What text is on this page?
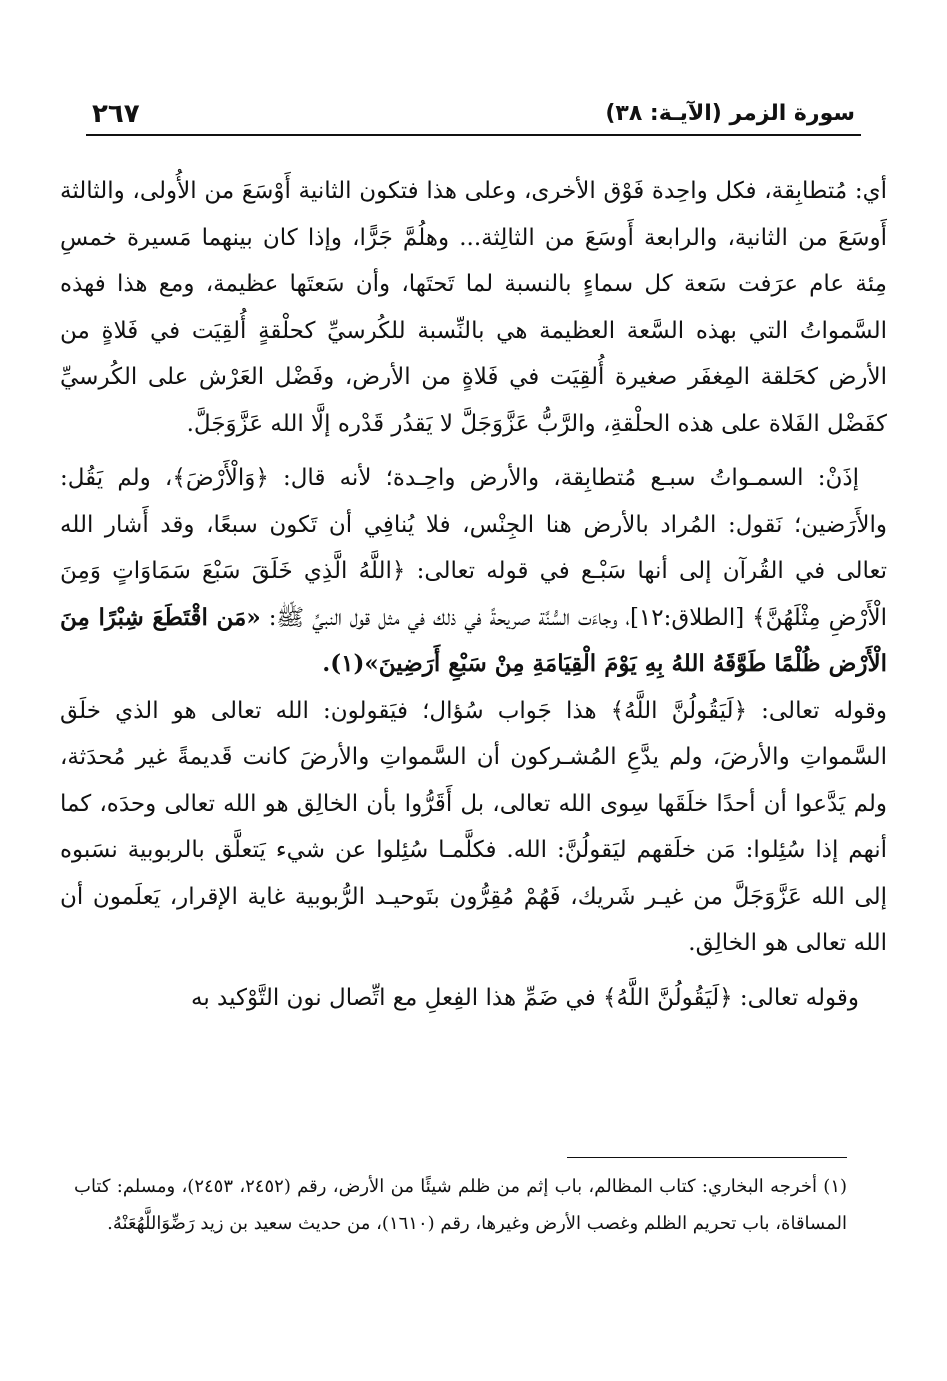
سورة الزمر (الآيـة: ٣٨)
٢٦٧

أي: مُتطابِقة، فكل واحِدة فَوْق الأخرى، وعلى هذا فتكون الثانية أَوْسَعَ من الأُولى، والثالثة أَوسَعَ من الثانية، والرابعة أَوسَعَ من الثالِثة... وهلُمَّ جَرًّا، وإذا كان بينهما مَسيرة خمسِ مِئة عام عرَفت سَعة كل سماءٍ بالنسبة لما تَحتَها، وأن سَعتَها عظيمة، ومع هذا فهذه السَّمواتُ التي بهذه السَّعة العظيمة هي بالنِّسبة للكُرسيِّ كحلْقةٍ أُلقِيَت في فَلاةٍ من الأرض كحَلقة المِغفَر صغيرة أُلقِيَت في فَلاةٍ من الأرض، وفَضْل العَرْش على الكُرسيِّ كفَضْل الفَلاة على هذه الحلْقةِ، والرَّبُّ عَزَّوَجَلَّ لا يَقدُر قَدْره إلَّا الله عَزَّوَجَلَّ.

إذَنْ: السمـواتُ سبـع مُتطابِقة، والأرض واحِـدة؛ لأنه قال: ﴿وَالْأَرْضَ﴾، ولم يَقُل: والأَرَضين؛ نَقول: المُراد بالأرض هنا الجِنْس، فلا يُنافِي أن تَكون سبعًا، وقد أَشار الله تعالى في القُرآن إلى أنها سَبْـع في قوله تعالى: ﴿اللَّهُ الَّذِي خَلَقَ سَبْعَ سَمَاوَاتٍ وَمِنَ الْأَرْضِ مِثْلَهُنَّ﴾ [الطلاق:١٢]، وجاءَت السُّنَّة صريحةً في ذلك في مثل قول النبيِّ ﷺ: «مَن اقْتَطَعَ شِبْرًا مِنَ الْأَرْض ظُلْمًا طَوَّقَهُ اللهُ بِهِ يَوْمَ الْقِيَامَةِ مِنْ سَبْعِ أَرَضِينَ»(١).

وقوله تعالى: ﴿لَيَقُولُنَّ اللَّهُ﴾ هذا جَواب سُؤال؛ فيَقولون: الله تعالى هو الذي خلَق السَّمواتِ والأرضَ، ولم يدَّعِ المُشـركون أن السَّمواتِ والأرضَ كانت قَديمةً غير مُحدَثة، ولم يَدَّعوا أن أحدًا خلَقَها سِوى الله تعالى، بل أَقَرُّوا بأن الخالِق هو الله تعالى وحدَه، كما أنهم إذا سُئِلوا: مَن خلَقهم ليَقولُنَّ: الله. فكلَّمـا سُئِلوا عن شيء يَتعلَّق بالربوبية نسَبوه إلى الله عَزَّوَجَلَّ من غيـر شَريك، فَهُمْ مُقِرُّون بتَوحيـد الرُّبوبية غاية الإقرار، يَعلَمون أن الله تعالى هو الخالِق.

وقوله تعالى: ﴿لَيَقُولُنَّ اللَّهُ﴾ في ضَمِّ هذا الفِعلِ مع اتِّصال نون التَّوْكيد به

(١) أخرجه البخاري: كتاب المظالم، باب إثم من ظلم شيئًا من الأرض، رقم (٢٤٥٢، ٢٤٥٣)، ومسلم: كتاب المساقاة، باب تحريم الظلم وغصب الأرض وغيرها، رقم (١٦١٠)، من حديث سعيد بن زيد رَضِّوَاللَّهُعَنْهُ.
